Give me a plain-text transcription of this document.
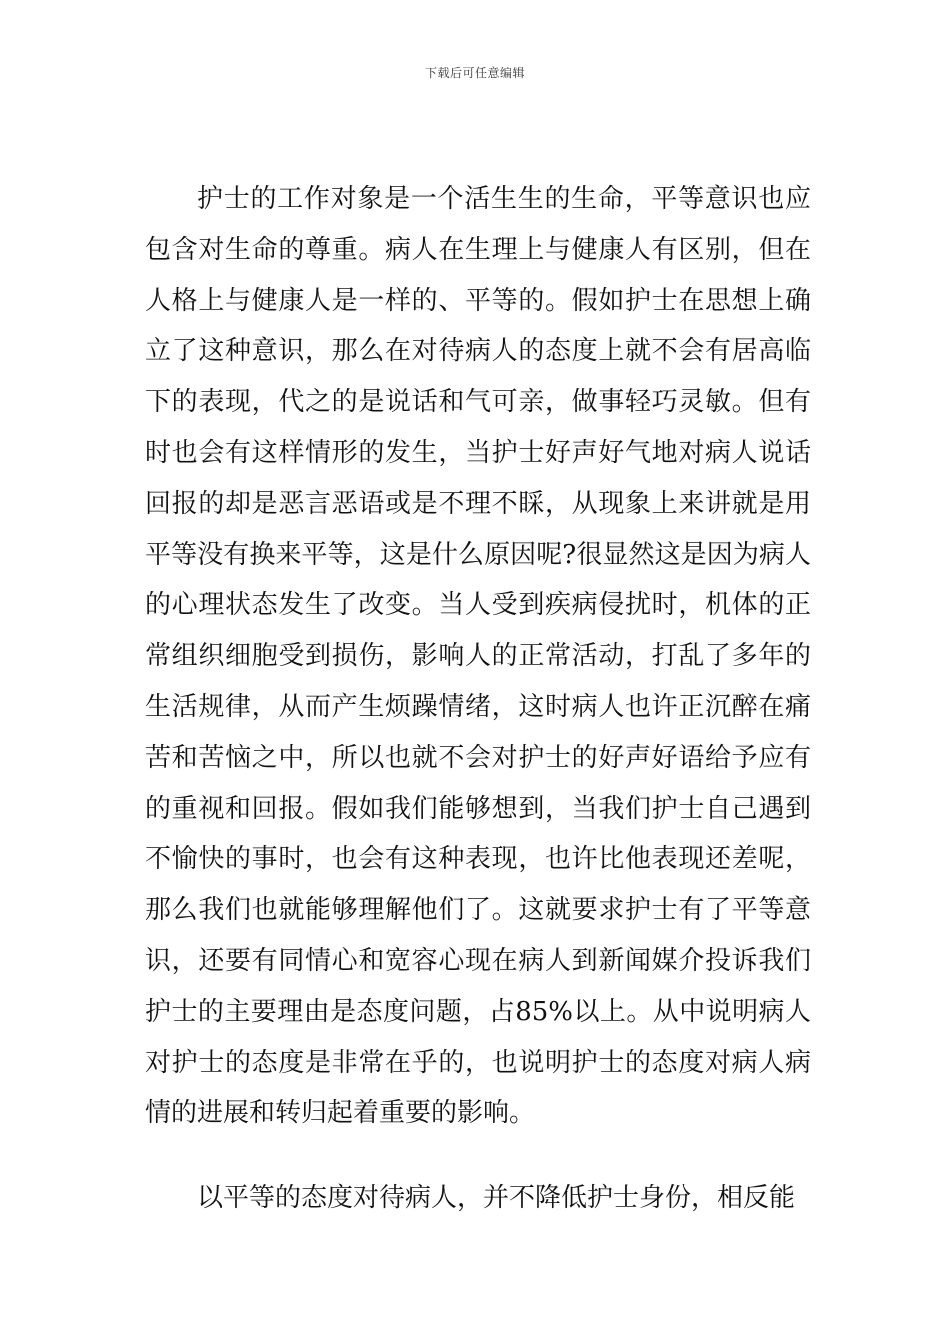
下载后可任意编辑

护士的工作对象是一个活生生的生命，平等意识也应包含对生命的尊重。病人在生理上与健康人有区别，但在人格上与健康人是一样的、平等的。假如护士在思想上确立了这种意识，那么在对待病人的态度上就不会有居高临下的表现，代之的是说话和气可亲，做事轻巧灵敏。但有时也会有这样情形的发生，当护士好声好气地对病人说话回报的却是恶言恶语或是不理不睬，从现象上来讲就是用平等没有换来平等，这是什么原因呢?很显然这是因为病人的心理状态发生了改变。当人受到疾病侵扰时，机体的正常组织细胞受到损伤，影响人的正常活动，打乱了多年的生活规律，从而产生烦躁情绪，这时病人也许正沉醉在痛苦和苦恼之中，所以也就不会对护士的好声好语给予应有的重视和回报。假如我们能够想到，当我们护士自己遇到不愉快的事时，也会有这种表现，也许比他表现还差呢，那么我们也就能够理解他们了。这就要求护士有了平等意识，还要有同情心和宽容心现在病人到新闻媒介投诉我们护士的主要理由是态度问题，占85%以上。从中说明病人对护士的态度是非常在乎的，也说明护士的态度对病人病情的进展和转归起着重要的影响。

以平等的态度对待病人，并不降低护士身份，相反能
